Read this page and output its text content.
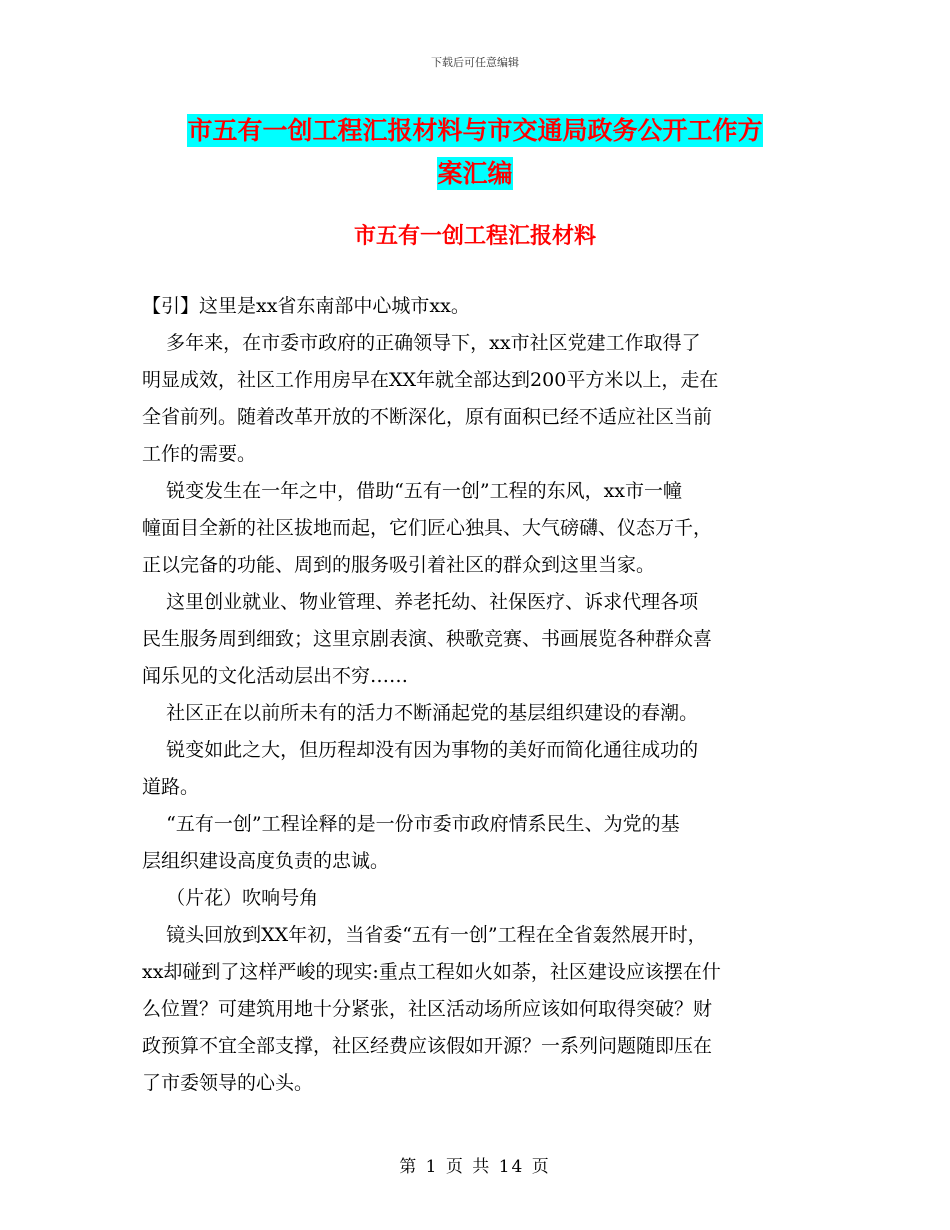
下载后可任意编辑
市五有一创工程汇报材料与市交通局政务公开工作方
案汇编
市五有一创工程汇报材料
【引】这里是xx省东南部中心城市xx。
多年来，在市委市政府的正确领导下，xx市社区党建工作取得了
明显成效，社区工作用房早在XX年就全部达到200平方米以上，走在
全省前列。随着改革开放的不断深化，原有面积已经不适应社区当前
工作的需要。
锐变发生在一年之中，借助“五有一创”工程的东风，xx市一幢
幢面目全新的社区拔地而起，它们匠心独具、大气磅礴、仪态万千，
正以完备的功能、周到的服务吸引着社区的群众到这里当家。
这里创业就业、物业管理、养老托幼、社保医疗、诉求代理各项
民生服务周到细致；这里京剧表演、秧歌竞赛、书画展览各种群众喜
闻乐见的文化活动层出不穷……
社区正在以前所未有的活力不断涌起党的基层组织建设的春潮。
锐变如此之大，但历程却没有因为事物的美好而简化通往成功的
道路。
“五有一创”工程诠释的是一份市委市政府情系民生、为党的基
层组织建设高度负责的忠诚。
（片花）吹响号角
镜头回放到XX年初，当省委“五有一创”工程在全省轰然展开时，
xx却碰到了这样严峻的现实:重点工程如火如荼，社区建设应该摆在什
么位置？可建筑用地十分紧张，社区活动场所应该如何取得突破？财
政预算不宜全部支撑，社区经费应该假如开源？一系列问题随即压在
了市委领导的心头。
第 1 页 共 14 页
